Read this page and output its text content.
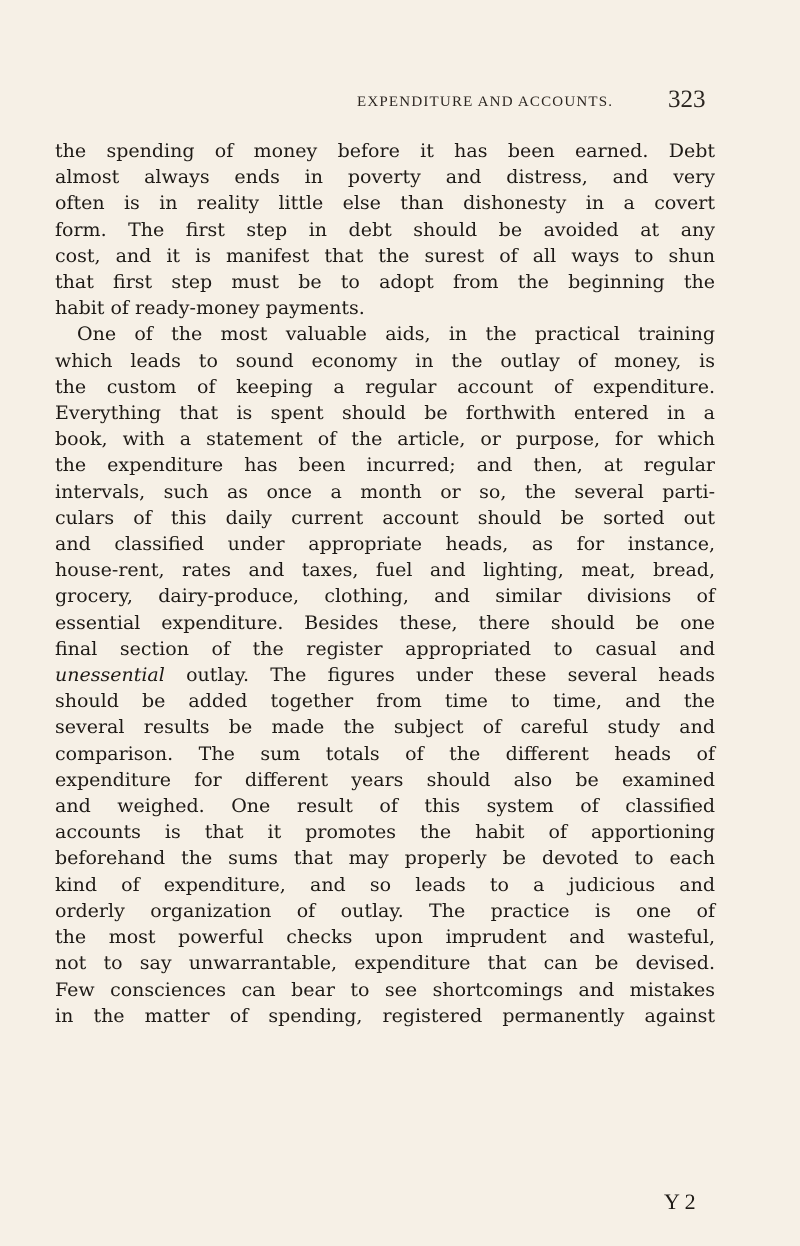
EXPENDITURE AND ACCOUNTS. 323

the spending of money before it has been earned. Debt

almost always ends in poverty and distress, and very

often is in reality little else than dishonesty in a covert

form. The first step in debt should be avoided at any

cost, and it is manifest that the surest of all ways to shun

that first step must be to adopt from the beginning the

habit of ready-money payments.

One of the most valuable aids, in the practical training

which leads to sound economy in the outlay of money, is

the custom of keeping a regular account of expenditure.

Everything that is spent should be forthwith entered in a

book, with a statement of the article, or purpose, for which

the expenditure has been incurred; and then, at regular

intervals, such as once a month or so, the several parti-

culars of this daily current account should be sorted out

and classified under appropriate heads, as for instance,

house-rent, rates and taxes, fuel and lighting, meat, bread,

grocery, dairy-produce, clothing, and similar divisions of

essential expenditure. Besides these, there should be one

final section of the register appropriated to casual and

unessential outlay. The figures under these several heads

should be added together from time to time, and the

several results be made the subject of careful study and

comparison. The sum totals of the different heads of

expenditure for different years should also be examined

and weighed. One result of this system of classified

accounts is that it promotes the habit of apportioning

beforehand the sums that may properly be devoted to each

kind of expenditure, and so leads to a judicious and

orderly organization of outlay. The practice is one of

the most powerful checks upon imprudent and wasteful,

not to say unwarrantable, expenditure that can be devised.

Few consciences can bear to see shortcomings and mistakes

in the matter of spending, registered permanently against

Y 2
